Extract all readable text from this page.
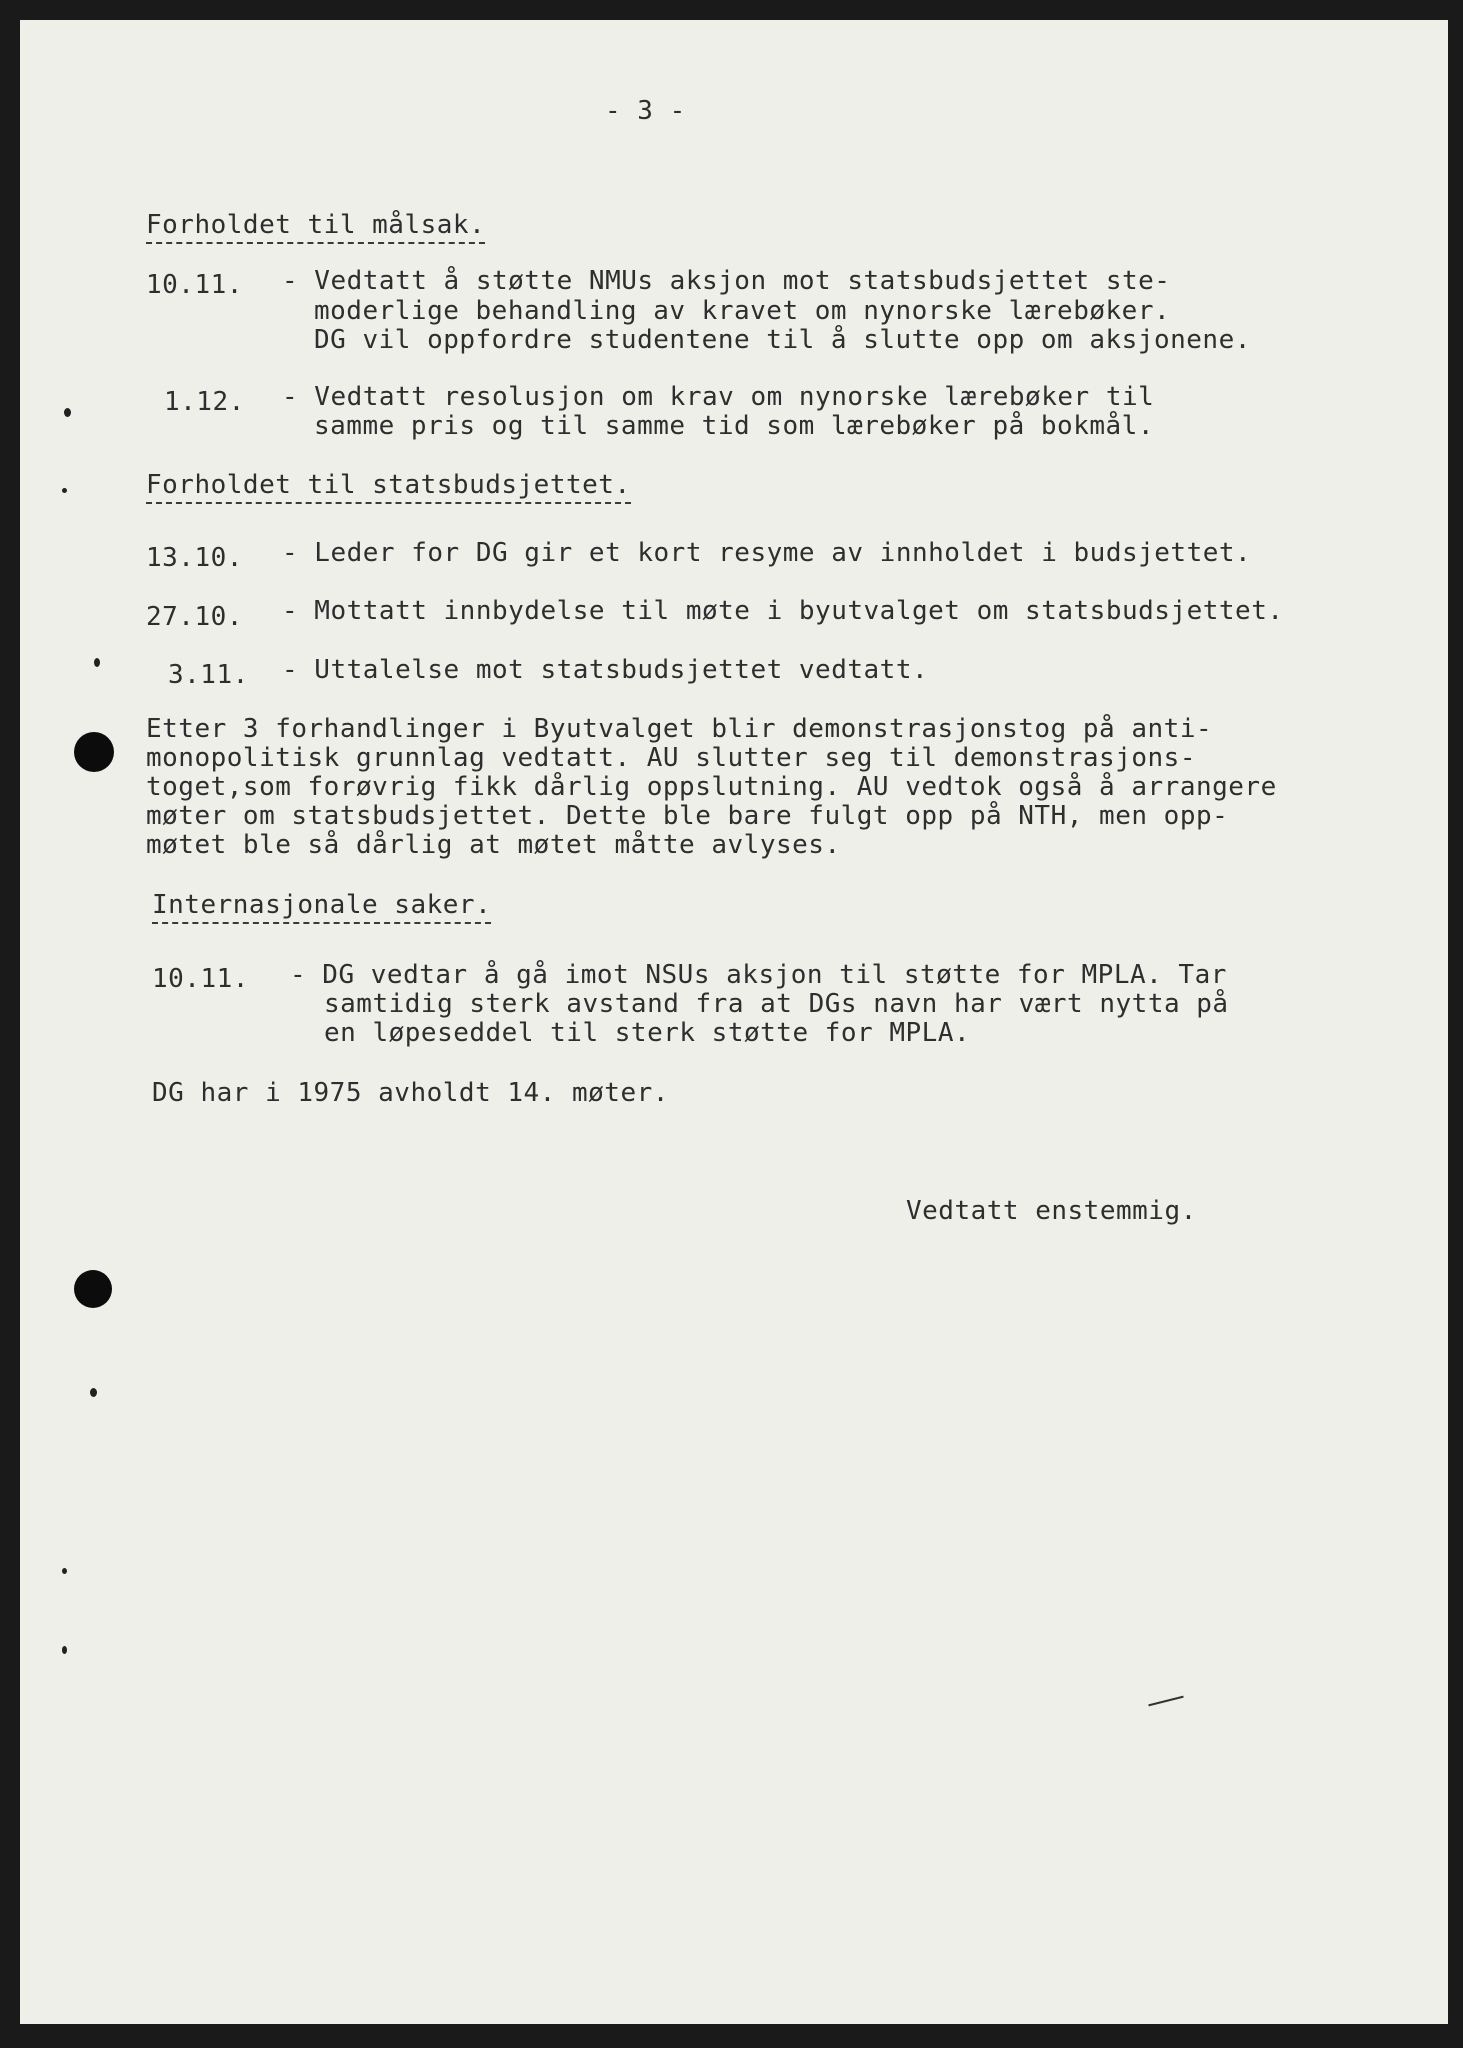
- 3 -
Forholdet til målsak.
10.11. - Vedtatt å støtte NMUs aksjon mot statsbudsjettet ste-
moderlige behandling av kravet om nynorske lærebøker.
DG vil oppfordre studentene til å slutte opp om aksjonene.
1.12. - Vedtatt resolusjon om krav om nynorske lærebøker til
samme pris og til samme tid som lærebøker på bokmål.
Forholdet til statsbudsjettet.
13.10. - Leder for DG gir et kort resyme av innholdet i budsjettet.
27.10. - Mottatt innbydelse til møte i byutvalget om statsbudsjettet.
3.11. - Uttalelse mot statsbudsjettet vedtatt.
Etter 3 forhandlinger i Byutvalget blir demonstrasjonstog på anti-
monopolitisk grunnlag vedtatt. AU slutter seg til demonstrasjons-
toget,som forøvrig fikk dårlig oppslutning. AU vedtok også å arrangere
møter om statsbudsjettet. Dette ble bare fulgt opp på NTH, men opp-
møtet ble så dårlig at møtet måtte avlyses.
Internasjonale saker.
10.11. - DG vedtar å gå imot NSUs aksjon til støtte for MPLA. Tar
samtidig sterk avstand fra at DGs navn har vært nytta på
en løpeseddel til sterk støtte for MPLA.
DG har i 1975 avholdt 14. møter.
Vedtatt enstemmig.
